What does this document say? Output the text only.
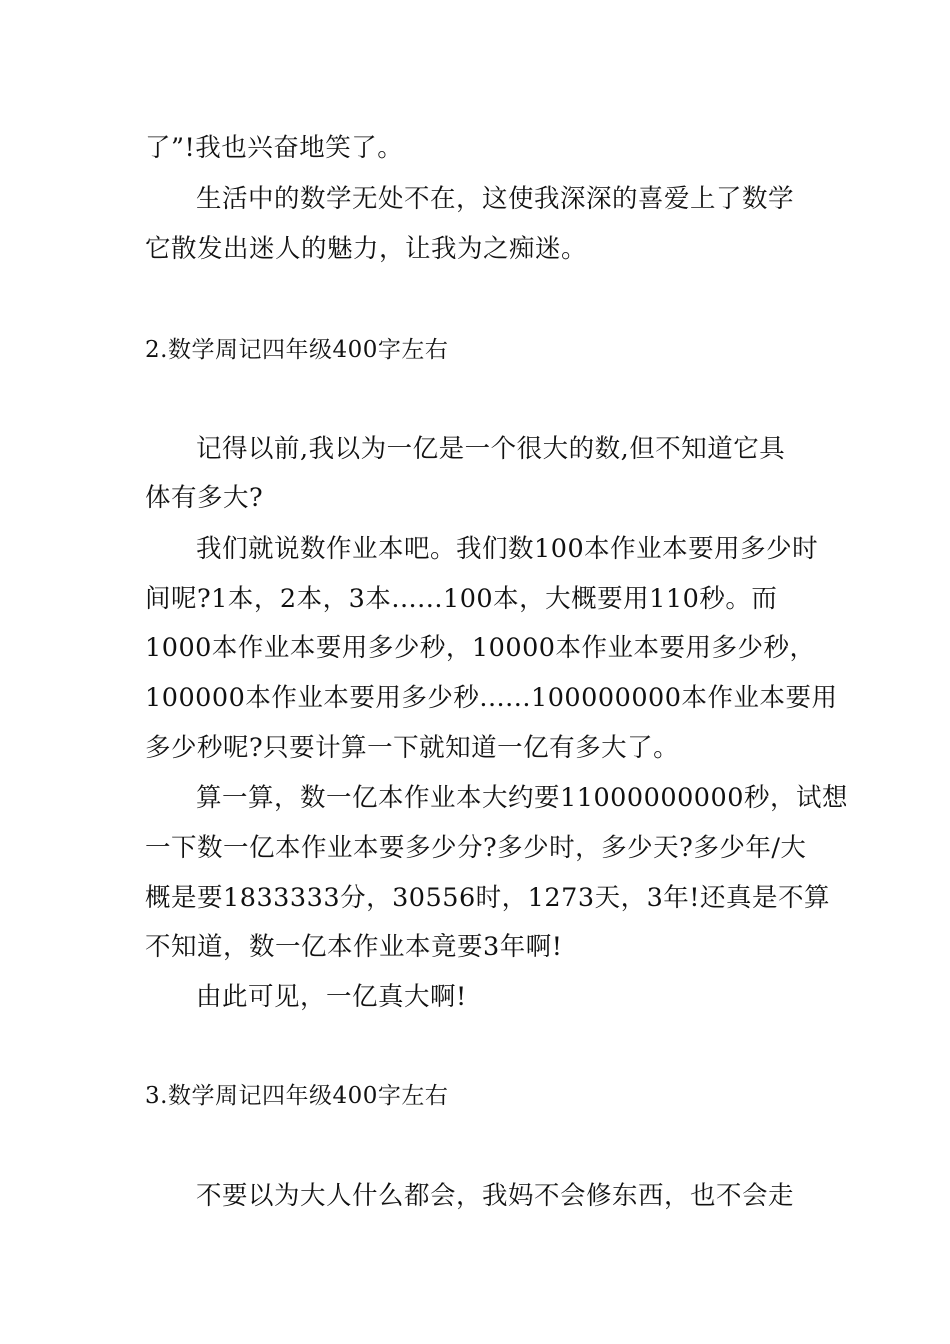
了”!我也兴奋地笑了。
生活中的数学无处不在，这使我深深的喜爱上了数学
它散发出迷人的魅力，让我为之痴迷。
2.数学周记四年级400字左右
记得以前,我以为一亿是一个很大的数,但不知道它具
体有多大?
我们就说数作业本吧。我们数100本作业本要用多少时
间呢?1本，2本，3本......100本，大概要用110秒。而
1000本作业本要用多少秒，10000本作业本要用多少秒，
100000本作业本要用多少秒......100000000本作业本要用
多少秒呢?只要计算一下就知道一亿有多大了。
算一算，数一亿本作业本大约要11000000000秒，试想
一下数一亿本作业本要多少分?多少时，多少天?多少年/大
概是要1833333分，30556时，1273天，3年!还真是不算
不知道，数一亿本作业本竟要3年啊!
由此可见，一亿真大啊!
3.数学周记四年级400字左右
不要以为大人什么都会，我妈不会修东西，也不会走
